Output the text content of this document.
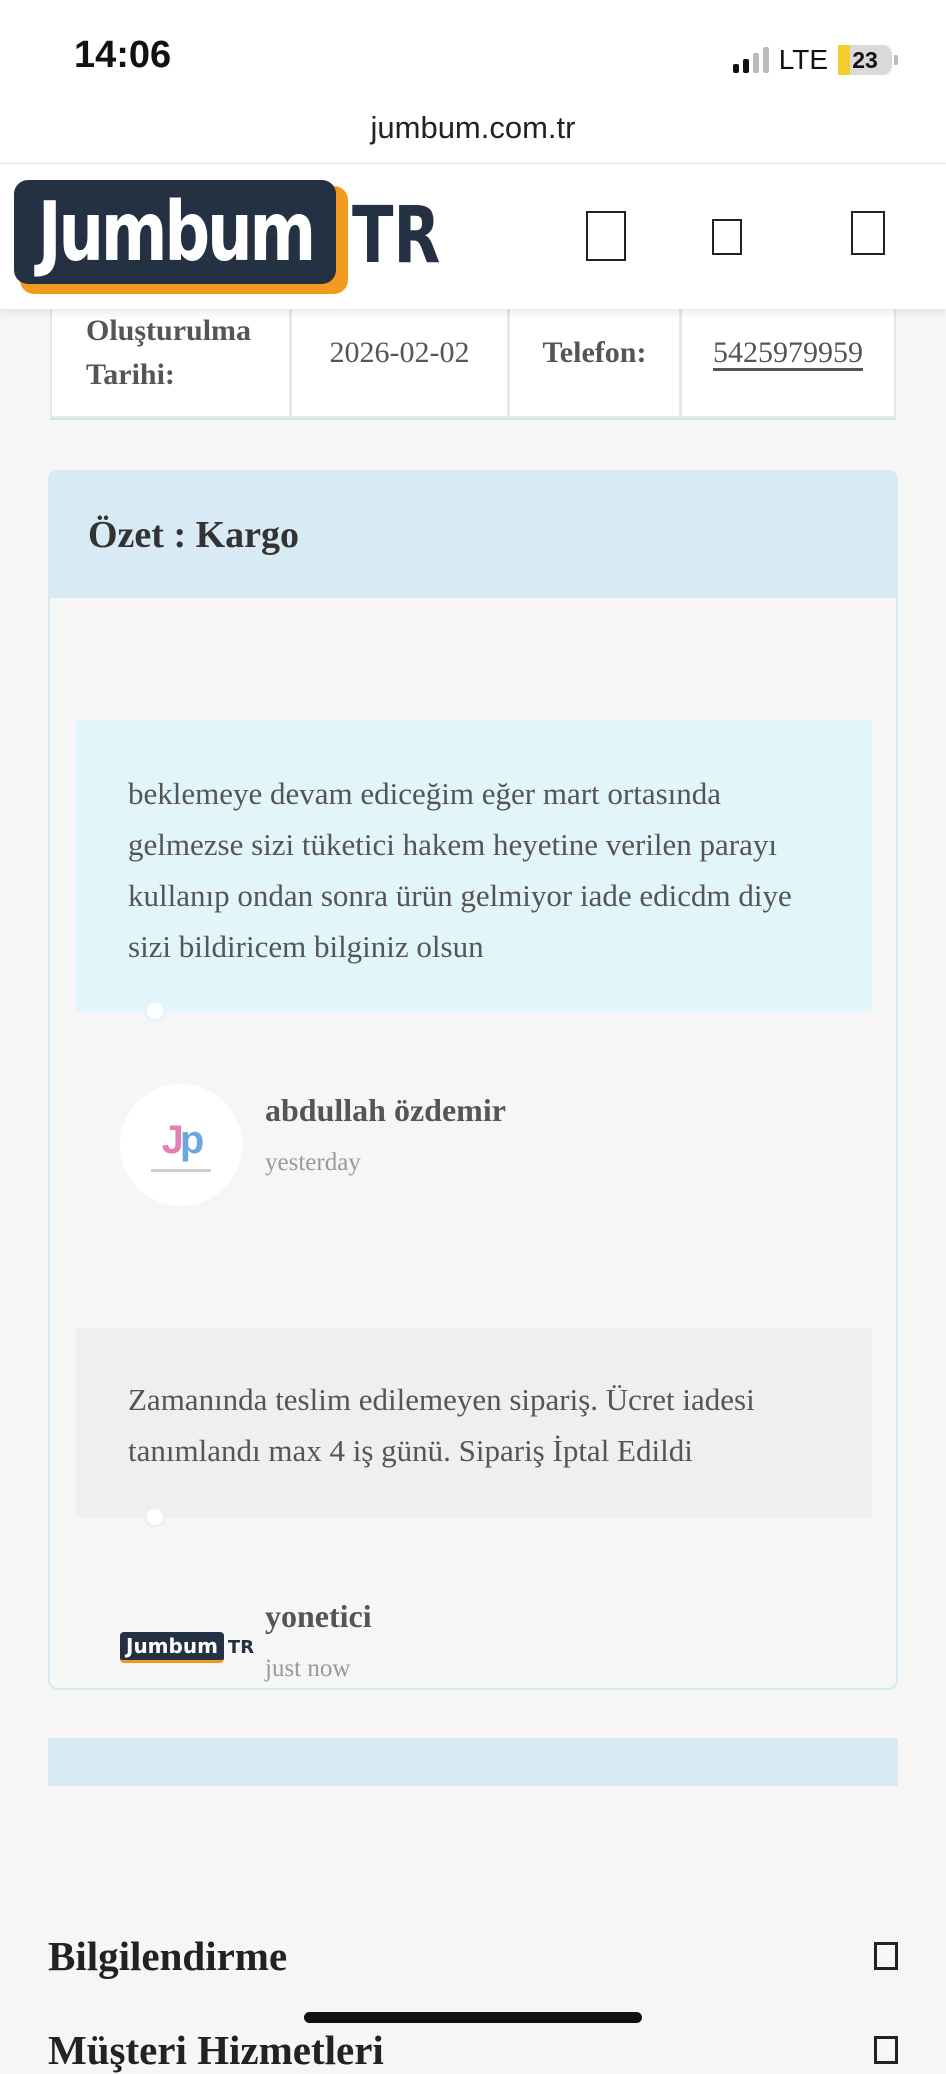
14:06	LTE	23
jumbum.com.tr
Jumbum TR
Oluşturulma Tarihi:
2026-02-02 Telefon: 5425979959
Özet : Kargo
beklemeye devam ediceğim eğer mart ortasında gelmezse sizi tüketici hakem heyetine verilen parayı kullanıp ondan sonra ürün gelmiyor iade edicdm diye sizi bildiricem bilginiz olsun
Jp
abdullah özdemir
yesterday
Zamanında teslim edilemeyen sipariş. Ücret iadesi tanımlandı max 4 iş günü. Sipariş İptal Edildi
Jumbum TR
yonetici
just now
Bilgilendirme
Müşteri Hizmetleri
